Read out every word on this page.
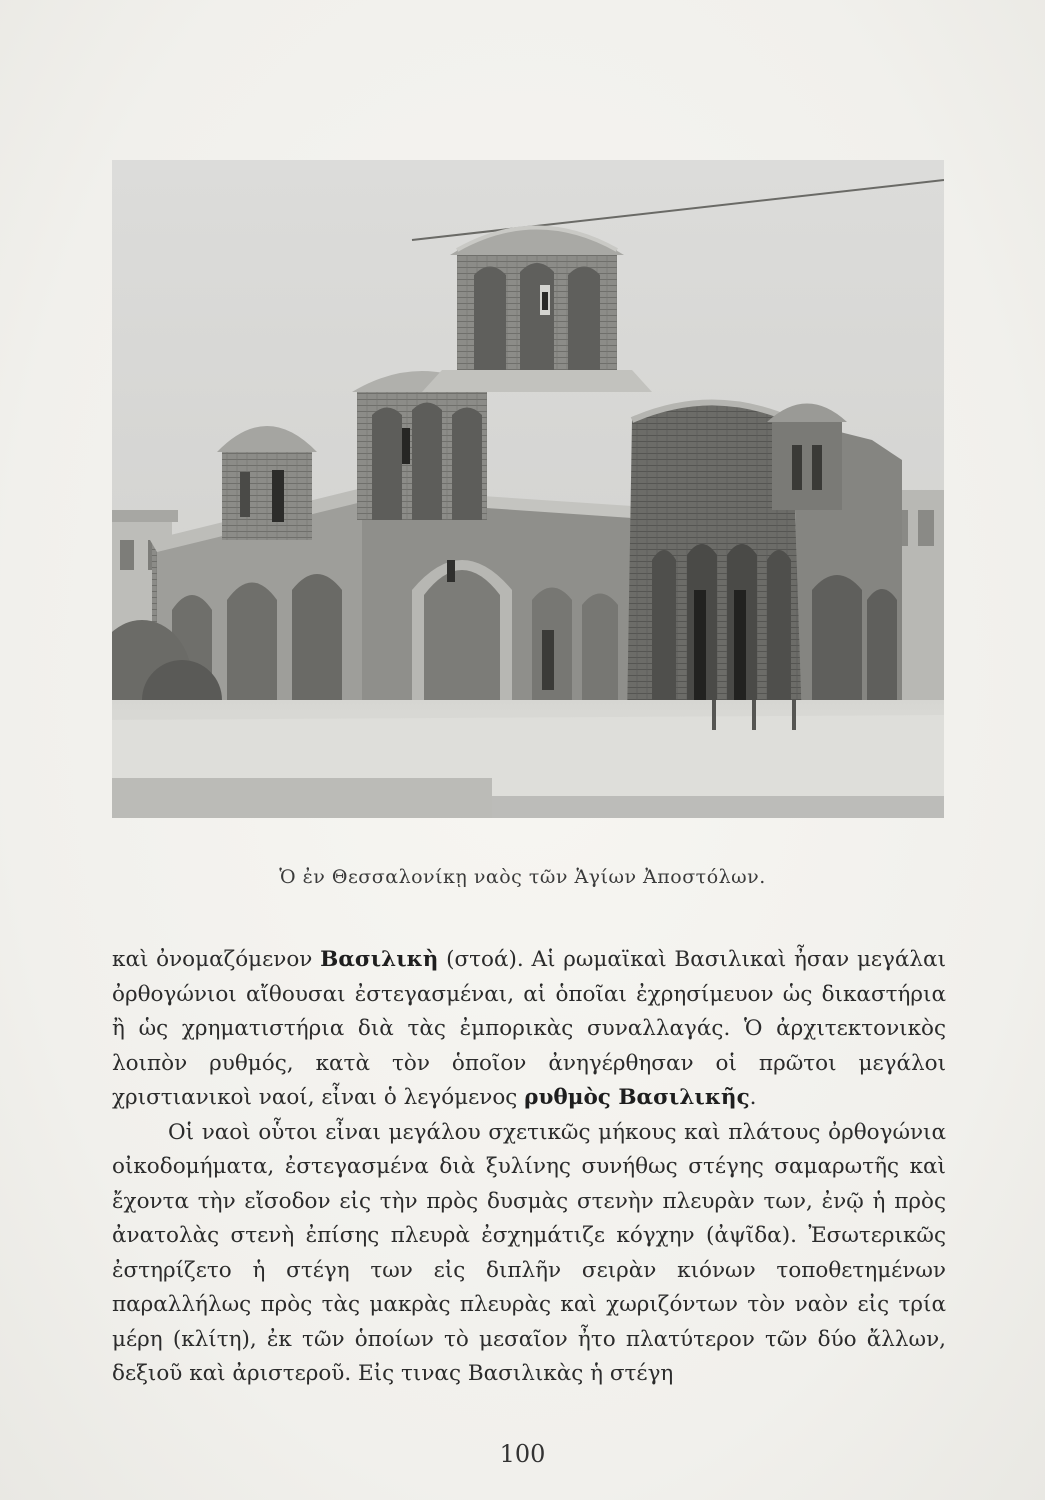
Ὁ ἐν Θεσσαλονίκῃ ναὸς τῶν Ἁγίων Ἀποστόλων.

καὶ ὀνομαζόμενον Βασιλικὴ (στοά). Αἱ ρωμαϊκαὶ Βασιλικαὶ ἦσαν μεγάλαι ὀρθογώνιοι αἴθουσαι ἐστεγασμέναι, αἱ ὁποῖαι ἐχρησίμευον ὡς δικαστήρια ἢ ὡς χρηματιστήρια διὰ τὰς ἐμπορικὰς συναλλαγάς. Ὁ ἀρχιτεκτονικὸς λοιπὸν ρυθμός, κατὰ τὸν ὁποῖον ἀνηγέρθησαν οἱ πρῶτοι μεγάλοι χριστιανικοὶ ναοί, εἶναι ὁ λεγόμενος ρυθμὸς Βασιλικῆς.

Οἱ ναοὶ οὗτοι εἶναι μεγάλου σχετικῶς μήκους καὶ πλάτους ὀρθογώνια οἰκοδομήματα, ἐστεγασμένα διὰ ξυλίνης συνήθως στέγης σαμαρωτῆς καὶ ἔχοντα τὴν εἴσοδον εἰς τὴν πρὸς δυσμὰς στενὴν πλευρὰν των, ἐνῷ ἡ πρὸς ἀνατολὰς στενὴ ἐπίσης πλευρὰ ἐσχημάτιζε κόγχην (ἀψῖδα). Ἐσωτερικῶς ἐστηρίζετο ἡ στέγη των εἰς διπλῆν σειρὰν κιόνων τοποθετημένων παραλλήλως πρὸς τὰς μακρὰς πλευρὰς καὶ χωριζόντων τὸν ναὸν εἰς τρία μέρη (κλίτη), ἐκ τῶν ὁποίων τὸ μεσαῖον ἦτο πλατύτερον τῶν δύο ἄλλων, δεξιοῦ καὶ ἀριστεροῦ. Εἰς τινας Βασιλικὰς ἡ στέγη

100
